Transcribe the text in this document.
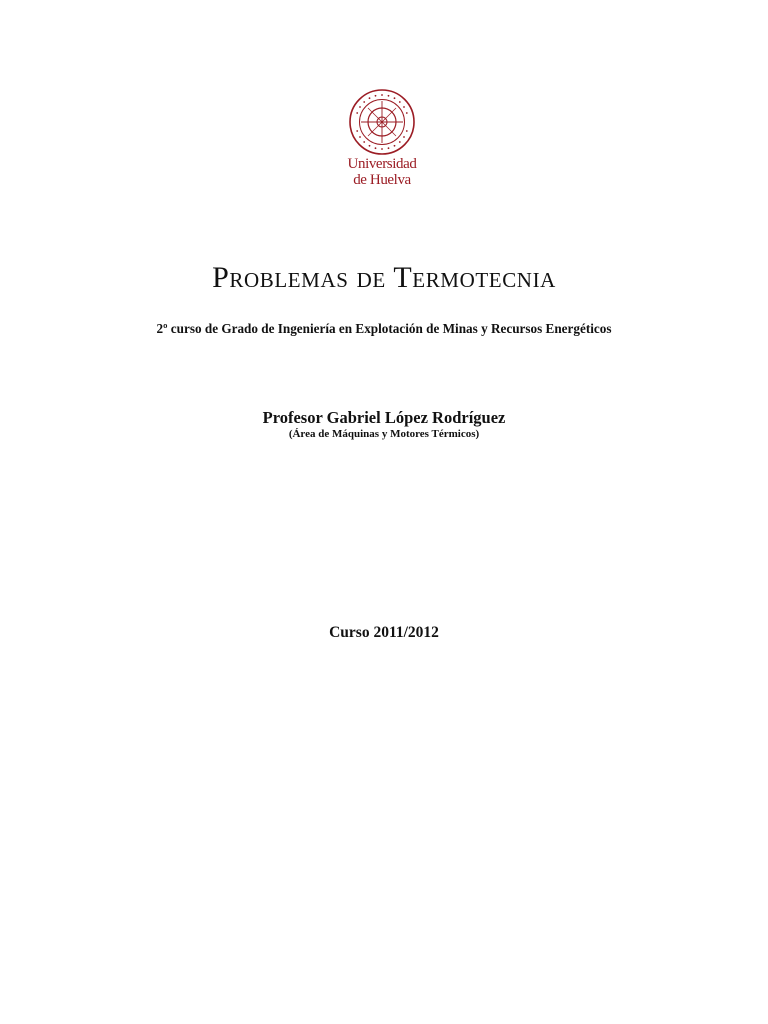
Universidad
de Huelva
Problemas de Termotecnia
2º curso de Grado de Ingeniería en Explotación de Minas y Recursos Energéticos
Profesor Gabriel López Rodríguez
(Área de Máquinas y Motores Térmicos)
Curso 2011/2012
